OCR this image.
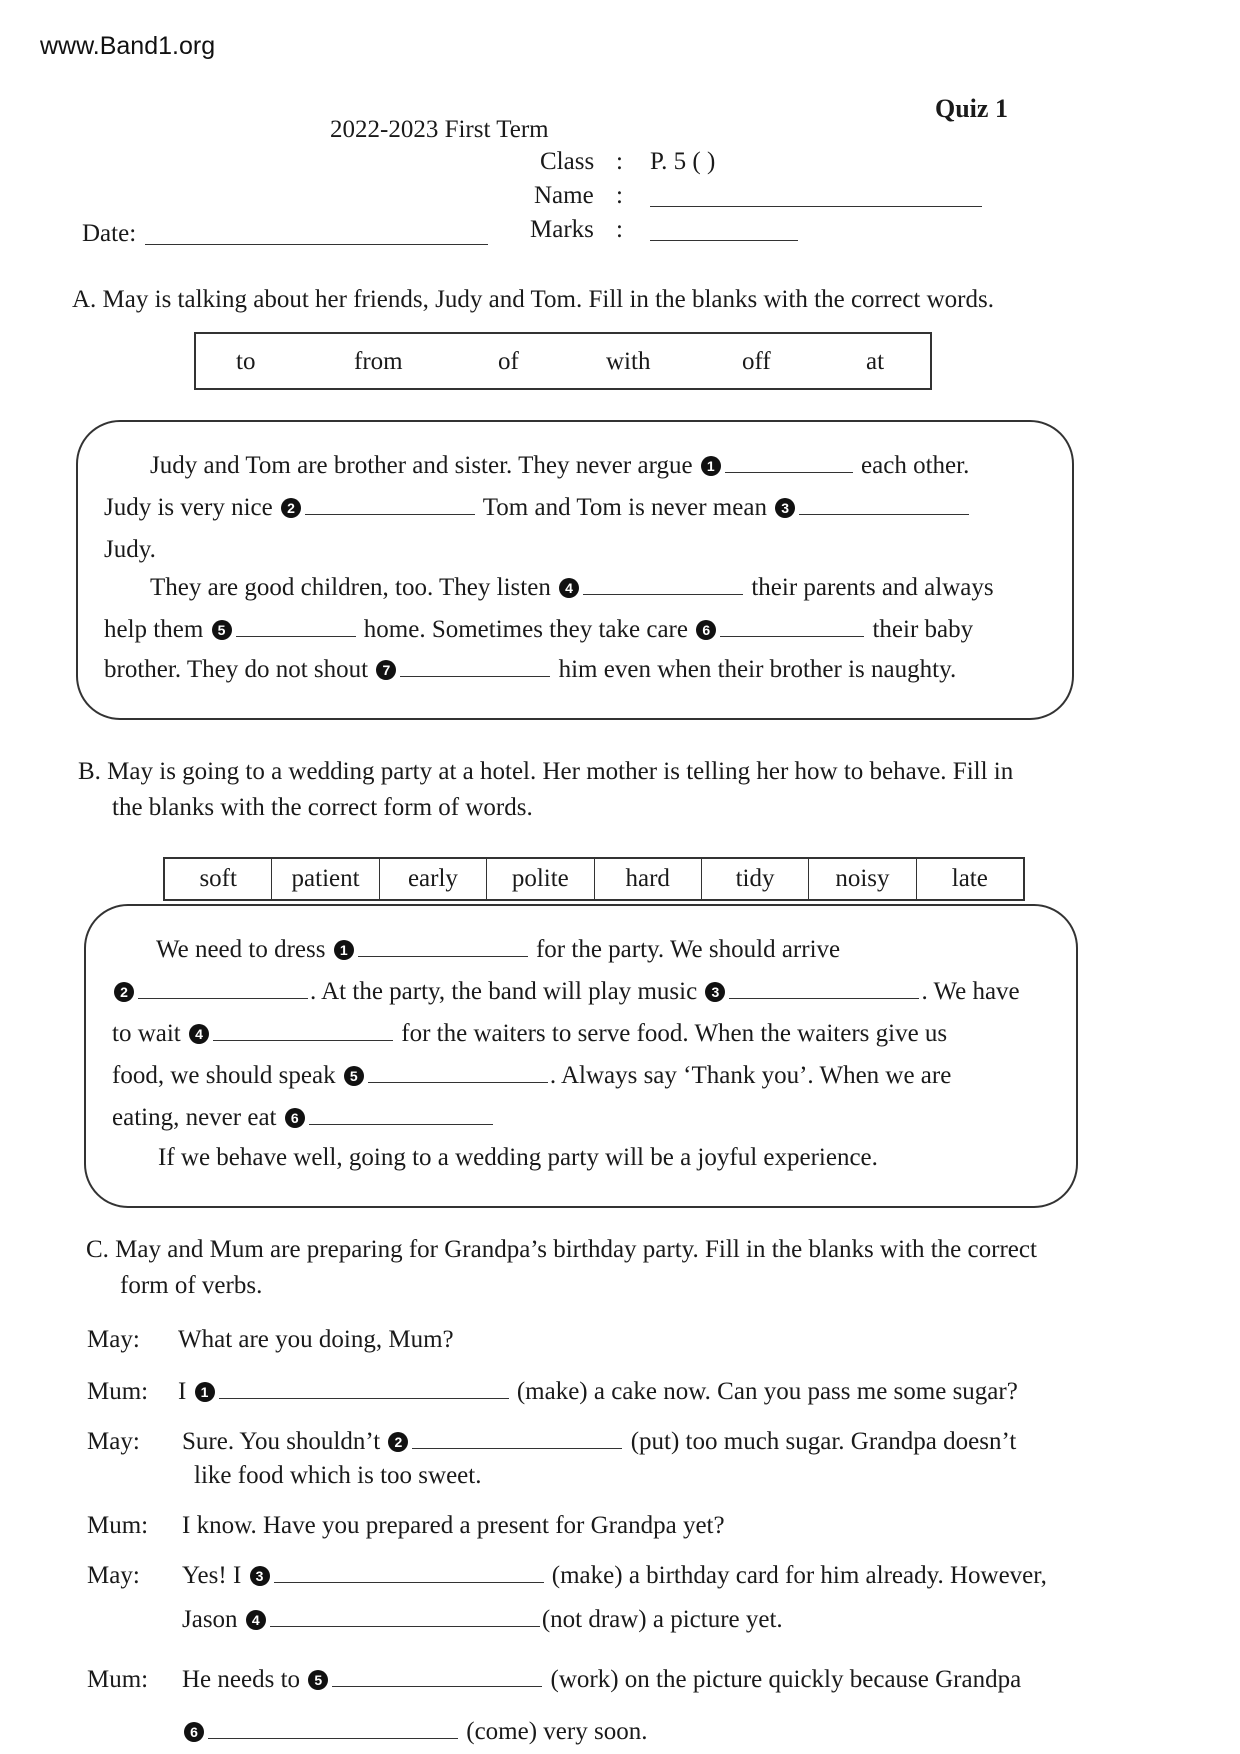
www.Band1.org
Quiz 1
2022-2023 First Term
Class : P. 5 ( )
Name :
Marks :
Date:
A. May is talking about her friends, Judy and Tom. Fill in the blanks with the correct words.
to	from	of	with	off	at
Judy and Tom are brother and sister. They never argue 1	each other.
Judy is very nice 2	Tom and Tom is never mean 3
Judy.
They are good children, too. They listen 4	their parents and always
help them 5	home. Sometimes they take care 6	their baby
brother. They do not shout 7	him even when their brother is naughty.
B. May is going to a wedding party at a hotel. Her mother is telling her how to behave. Fill in
the blanks with the correct form of words.
soft	patient	early	polite	hard	tidy	noisy	late
We need to dress 1	for the party. We should arrive
2	. At the party, the band will play music 3	. We have
to wait 4	for the waiters to serve food. When the waiters give us
food, we should speak 5	. Always say ‘Thank you’. When we are
eating, never eat 6
If we behave well, going to a wedding party will be a joyful experience.
C. May and Mum are preparing for Grandpa’s birthday party. Fill in the blanks with the correct
form of verbs.
May: What are you doing, Mum?
Mum: I 1	(make) a cake now. Can you pass me some sugar?
May: Sure. You shouldn’t 2	(put) too much sugar. Grandpa doesn’t
like food which is too sweet.
Mum: I know. Have you prepared a present for Grandpa yet?
May: Yes! I 3	(make) a birthday card for him already. However,
Jason 4	(not draw) a picture yet.
Mum: He needs to 5	(work) on the picture quickly because Grandpa
6	(come) very soon.
